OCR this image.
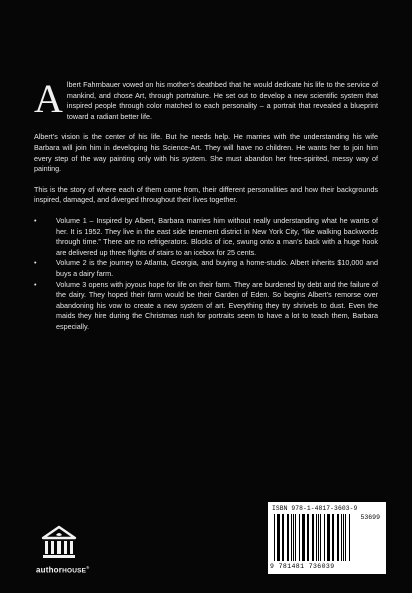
Albert Fahrnbauer vowed on his mother’s deathbed that he would dedicate his life to the service of mankind, and chose Art, through portraiture. He set out to develop a new scientific system that inspired people through color matched to each personality – a portrait that revealed a blueprint toward a radiant better life.

Albert’s vision is the center of his life. But he needs help. He marries with the understanding his wife Barbara will join him in developing his Science-Art. They will have no children. He wants her to join him every step of the way painting only with his system. She must abandon her free-spirited, messy way of painting.

This is the story of where each of them came from, their different personalities and how their backgrounds inspired, damaged, and diverged throughout their lives together.

• Volume 1 – Inspired by Albert, Barbara marries him without really understanding what he wants of her. It is 1952. They live in the east side tenement district in New York City, “like walking backwords through time.” There are no refrigerators. Blocks of ice, swung onto a man’s back with a huge hook are delivered up three flights of stairs to an icebox for 25 cents.
• Volume 2 is the journey to Atlanta, Georgia, and buying a home-studio. Albert inherits $10,000 and buys a dairy farm.
• Volume 3 opens with joyous hope for life on their farm. They are burdened by debt and the failure of the dairy. They hoped their farm would be their Garden of Eden. So begins Albert’s remorse over abandoning his vow to create a new system of art. Everything they try shrivels to dust. Even the maids they hire during the Christmas rush for portraits seem to have a lot to teach them, Barbara especially.
authorHOUSE®
ISBN 978-1-4817-3603-9
53699
9 781481 736039
